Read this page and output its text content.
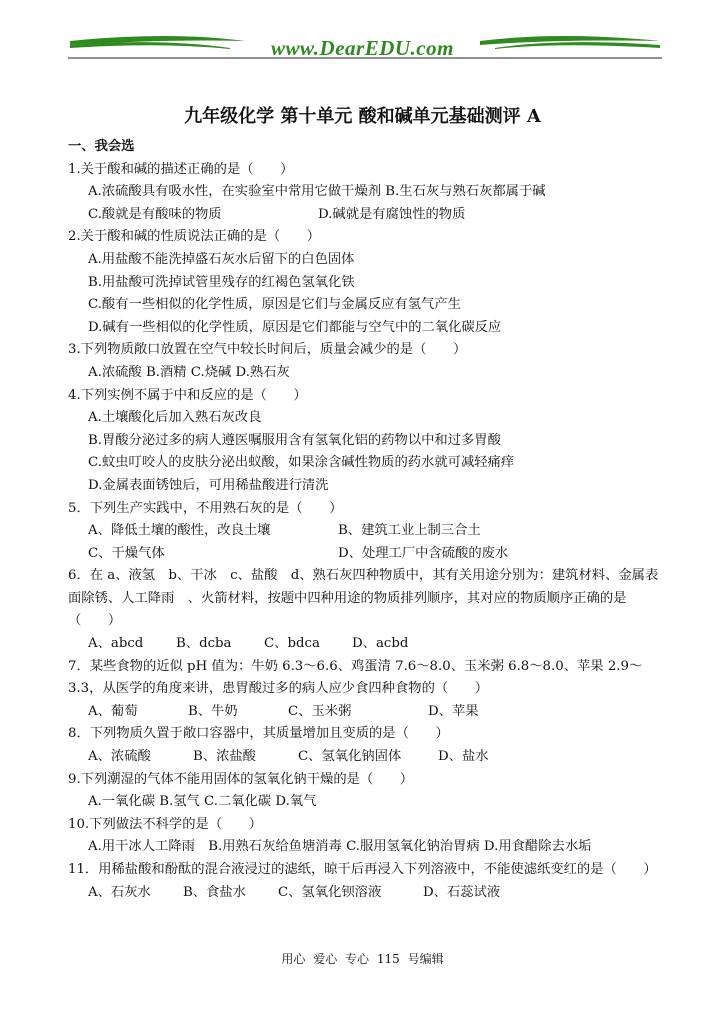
www.DearEDU.com
九年级化学 第十单元 酸和碱单元基础测评 A
一、我会选
1.关于酸和碱的描述正确的是（　　）
A.浓硫酸具有吸水性，在实验室中常用它做干燥剂 B.生石灰与熟石灰都属于碱
C.酸就是有酸味的物质	D.碱就是有腐蚀性的物质
2.关于酸和碱的性质说法正确的是（　　）
A.用盐酸不能洗掉盛石灰水后留下的白色固体
B.用盐酸可洗掉试管里残存的红褐色氢氧化铁
C.酸有一些相似的化学性质，原因是它们与金属反应有氢气产生
D.碱有一些相似的化学性质，原因是它们都能与空气中的二氧化碳反应
3.下列物质敞口放置在空气中较长时间后，质量会减少的是（　　）
A.浓硫酸 B.酒精 C.烧碱 D.熟石灰
4.下列实例不属于中和反应的是（　　）
A.土壤酸化后加入熟石灰改良
B.胃酸分泌过多的病人遵医嘱服用含有氢氧化铝的药物以中和过多胃酸
C.蚊虫叮咬人的皮肤分泌出蚁酸，如果涂含碱性物质的药水就可减轻痛痒
D.金属表面锈蚀后，可用稀盐酸进行清洗
5．下列生产实践中，不用熟石灰的是（　　）
A、降低土壤的酸性，改良土壤	B、建筑工业上制三合土
C、干燥气体	D、处理工厂中含硫酸的废水
6．在 a、液氢　b、干冰　c、盐酸　d、熟石灰四种物质中，其有关用途分别为：建筑材料、金属表面除锈、人工降雨　、火箭材料，按题中四种用途的物质排列顺序，其对应的物质顺序正确的是（　　）
A、abcd	B、dcba	C、bdca	D、acbd
7．某些食物的近似 pH 值为：牛奶 6.3～6.6、鸡蛋清 7.6～8.0、玉米粥 6.8～8.0、苹果 2.9～3.3，从医学的角度来讲，患胃酸过多的病人应少食四种食物的（　　）
A、葡萄	B、牛奶	C、玉米粥	D、苹果
8．下列物质久置于敞口容器中，其质量增加且变质的是（　　）
A、浓硫酸	B、浓盐酸	C、氢氧化钠固体	D、盐水
9.下列潮湿的气体不能用固体的氢氧化钠干燥的是（　　）
A.一氧化碳 B.氢气 C.二氧化碳 D.氧气
10.下列做法不科学的是（　　）
A.用干冰人工降雨　B.用熟石灰给鱼塘消毒 C.服用氢氧化钠治胃病 D.用食醋除去水垢
11．用稀盐酸和酚酞的混合液浸过的滤纸，晾干后再浸入下列溶液中，不能使滤纸变红的是（　　）
A、石灰水	B、食盐水	C、氢氧化钡溶液	D、石蕊试液
用心 爱心 专心 115 号编辑
